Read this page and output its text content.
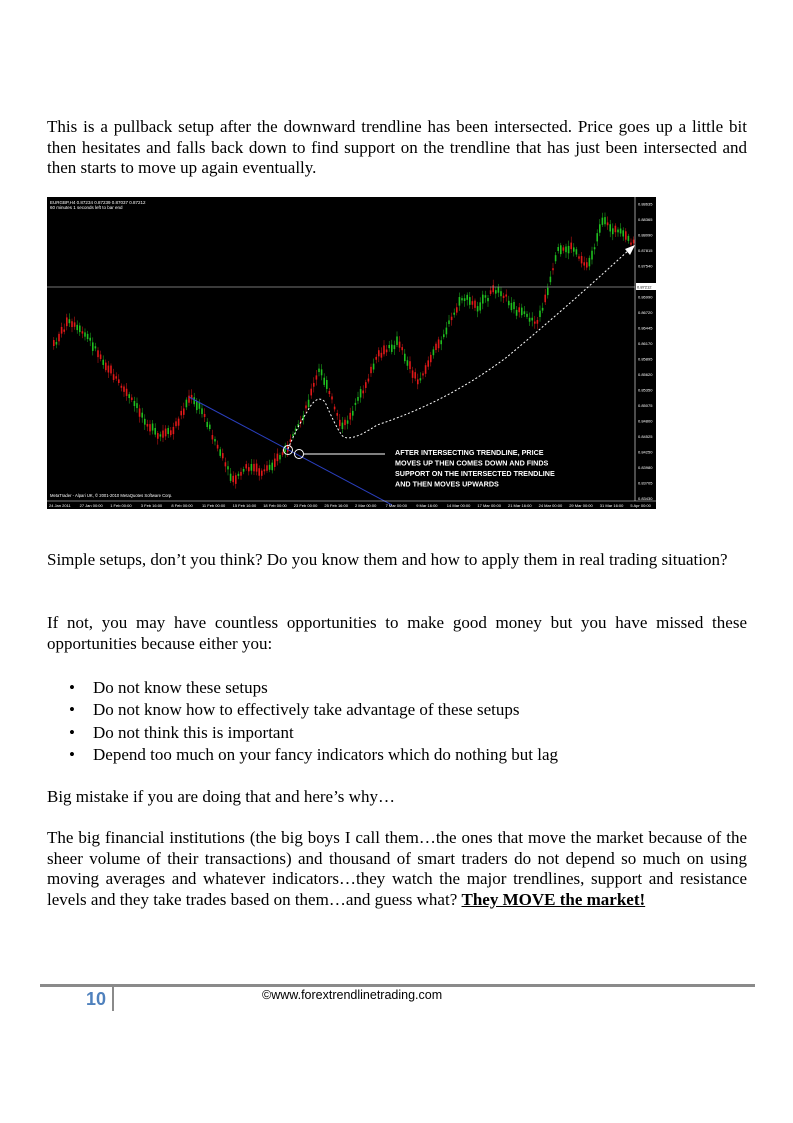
This is a pullback setup after the downward trendline has been intersected. Price goes up a little bit then hesitates and falls back down to find support on the trendline that has just been intersected and then starts to move up again eventually.

EURGBP,H4 0.87234 0.87239 0.87037 0.87212
60 minutes 1 seconds left to bar end
MetaTrader - Alpari UK, © 2001-2010 MetaQuotes Software Corp.
AFTER INTERSECTING TRENDLINE, PRICE
MOVES UP THEN COMES DOWN AND FINDS
SUPPORT ON THE INTERSECTED TRENDLINE
AND THEN MOVES UPWARDS
0.88635
0.88365
0.88090
0.87815
0.87540
0.86990
0.86720
0.86445
0.86170
0.85895
0.85620
0.85350
0.85075
0.84800
0.84525
0.84250
0.83980
0.83705
0.83430
0.87212
24 Jan 2011 27 Jan 00:00 1 Feb 00:00 3 Feb 16:00 8 Feb 00:00 11 Feb 00:00 15 Feb 16:00 18 Feb 00:00 23 Feb 00:00 25 Feb 16:00 2 Mar 00:00 7 Mar 00:00 9 Mar 16:00 14 Mar 00:00 17 Mar 00:00 21 Mar 16:00 24 Mar 00:00 29 Mar 00:00 31 Mar 16:00 5 Apr 00:00

Simple setups, don’t you think? Do you know them and how to apply them in real trading situation?

If not, you may have countless opportunities to make good money but you have missed these opportunities because either you:

• Do not know these setups
• Do not know how to effectively take advantage of these setups
• Do not think this is important
• Depend too much on your fancy indicators which do nothing but lag

Big mistake if you are doing that and here’s why…

The big financial institutions (the big boys I call them…the ones that move the market because of the sheer volume of their transactions) and thousand of smart traders do not depend so much on using moving averages and whatever indicators…they watch the major trendlines, support and resistance levels and they take trades based on them…and guess what? They MOVE the market!

10	©www.forextrendlinetrading.com
